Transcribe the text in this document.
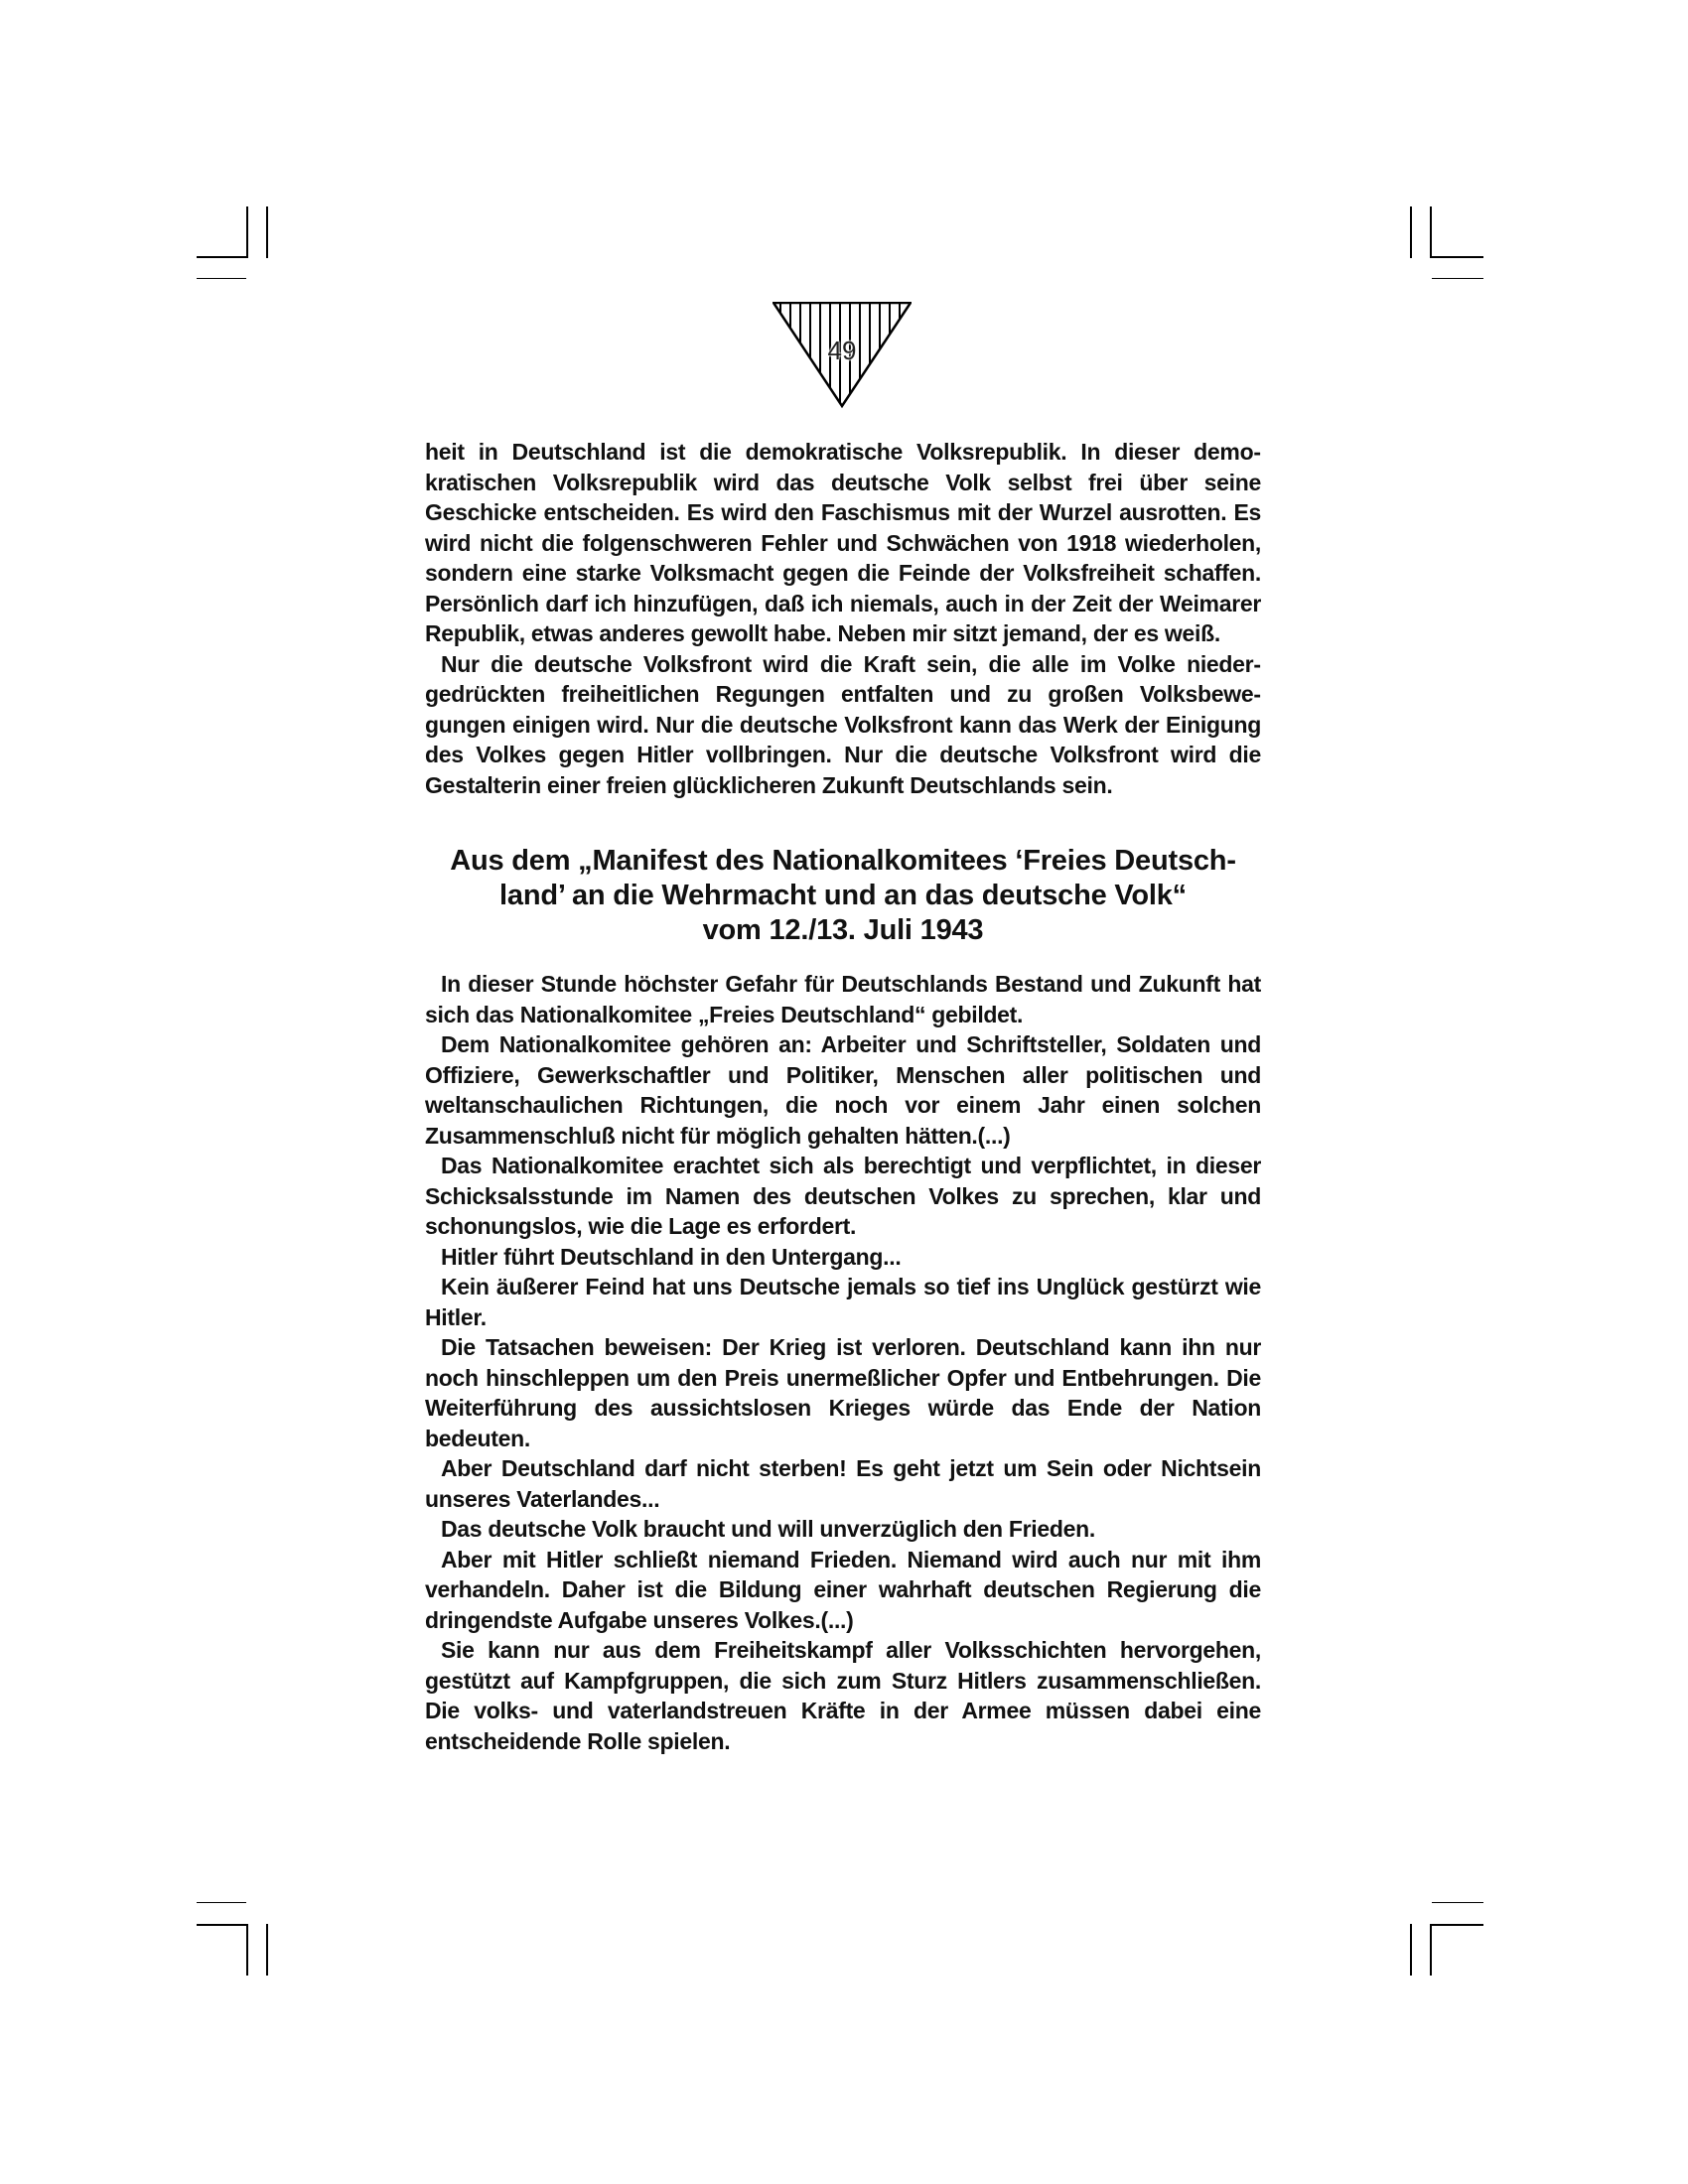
49

heit in Deutschland ist die demokratische Volksrepublik. In dieser demokratischen Volksrepublik wird das deutsche Volk selbst frei über seine Geschicke entscheiden. Es wird den Faschismus mit der Wurzel ausrotten. Es wird nicht die folgenschweren Fehler und Schwächen von 1918 wiederholen, sondern eine starke Volksmacht gegen die Feinde der Volksfreiheit schaffen. Persönlich darf ich hinzufügen, daß ich niemals, auch in der Zeit der Weimarer Republik, etwas anderes gewollt habe. Neben mir sitzt jemand, der es weiß.

Nur die deutsche Volksfront wird die Kraft sein, die alle im Volke niedergedrückten freiheitlichen Regungen entfalten und zu großen Volksbewegungen einigen wird. Nur die deutsche Volksfront kann das Werk der Einigung des Volkes gegen Hitler vollbringen. Nur die deutsche Volksfront wird die Gestalterin einer freien glücklicheren Zukunft Deutschlands sein.

Aus dem „Manifest des Nationalkomitees ‘Freies Deutsch-
land’ an die Wehrmacht und an das deutsche Volk“
vom 12./13. Juli 1943

In dieser Stunde höchster Gefahr für Deutschlands Bestand und Zukunft hat sich das Nationalkomitee „Freies Deutschland“ gebildet.

Dem Nationalkomitee gehören an: Arbeiter und Schriftsteller, Soldaten und Offiziere, Gewerkschaftler und Politiker, Menschen aller politischen und weltanschaulichen Richtungen, die noch vor einem Jahr einen solchen Zusammenschluß nicht für möglich gehalten hätten.(...)

Das Nationalkomitee erachtet sich als berechtigt und verpflichtet, in dieser Schicksalsstunde im Namen des deutschen Volkes zu sprechen, klar und schonungslos, wie die Lage es erfordert.

Hitler führt Deutschland in den Untergang...

Kein äußerer Feind hat uns Deutsche jemals so tief ins Unglück gestürzt wie Hitler.

Die Tatsachen beweisen: Der Krieg ist verloren. Deutschland kann ihn nur noch hinschleppen um den Preis unermeßlicher Opfer und Entbehrungen. Die Weiterführung des aussichtslosen Krieges würde das Ende der Nation bedeuten.

Aber Deutschland darf nicht sterben! Es geht jetzt um Sein oder Nichtsein unseres Vaterlandes...

Das deutsche Volk braucht und will unverzüglich den Frieden.

Aber mit Hitler schließt niemand Frieden. Niemand wird auch nur mit ihm verhandeln. Daher ist die Bildung einer wahrhaft deutschen Regierung die dringendste Aufgabe unseres Volkes.(...)

Sie kann nur aus dem Freiheitskampf aller Volksschichten hervorgehen, gestützt auf Kampfgruppen, die sich zum Sturz Hitlers zusammenschließen. Die volks- und vaterlandstreuen Kräfte in der Armee müssen dabei eine entscheidende Rolle spielen.
